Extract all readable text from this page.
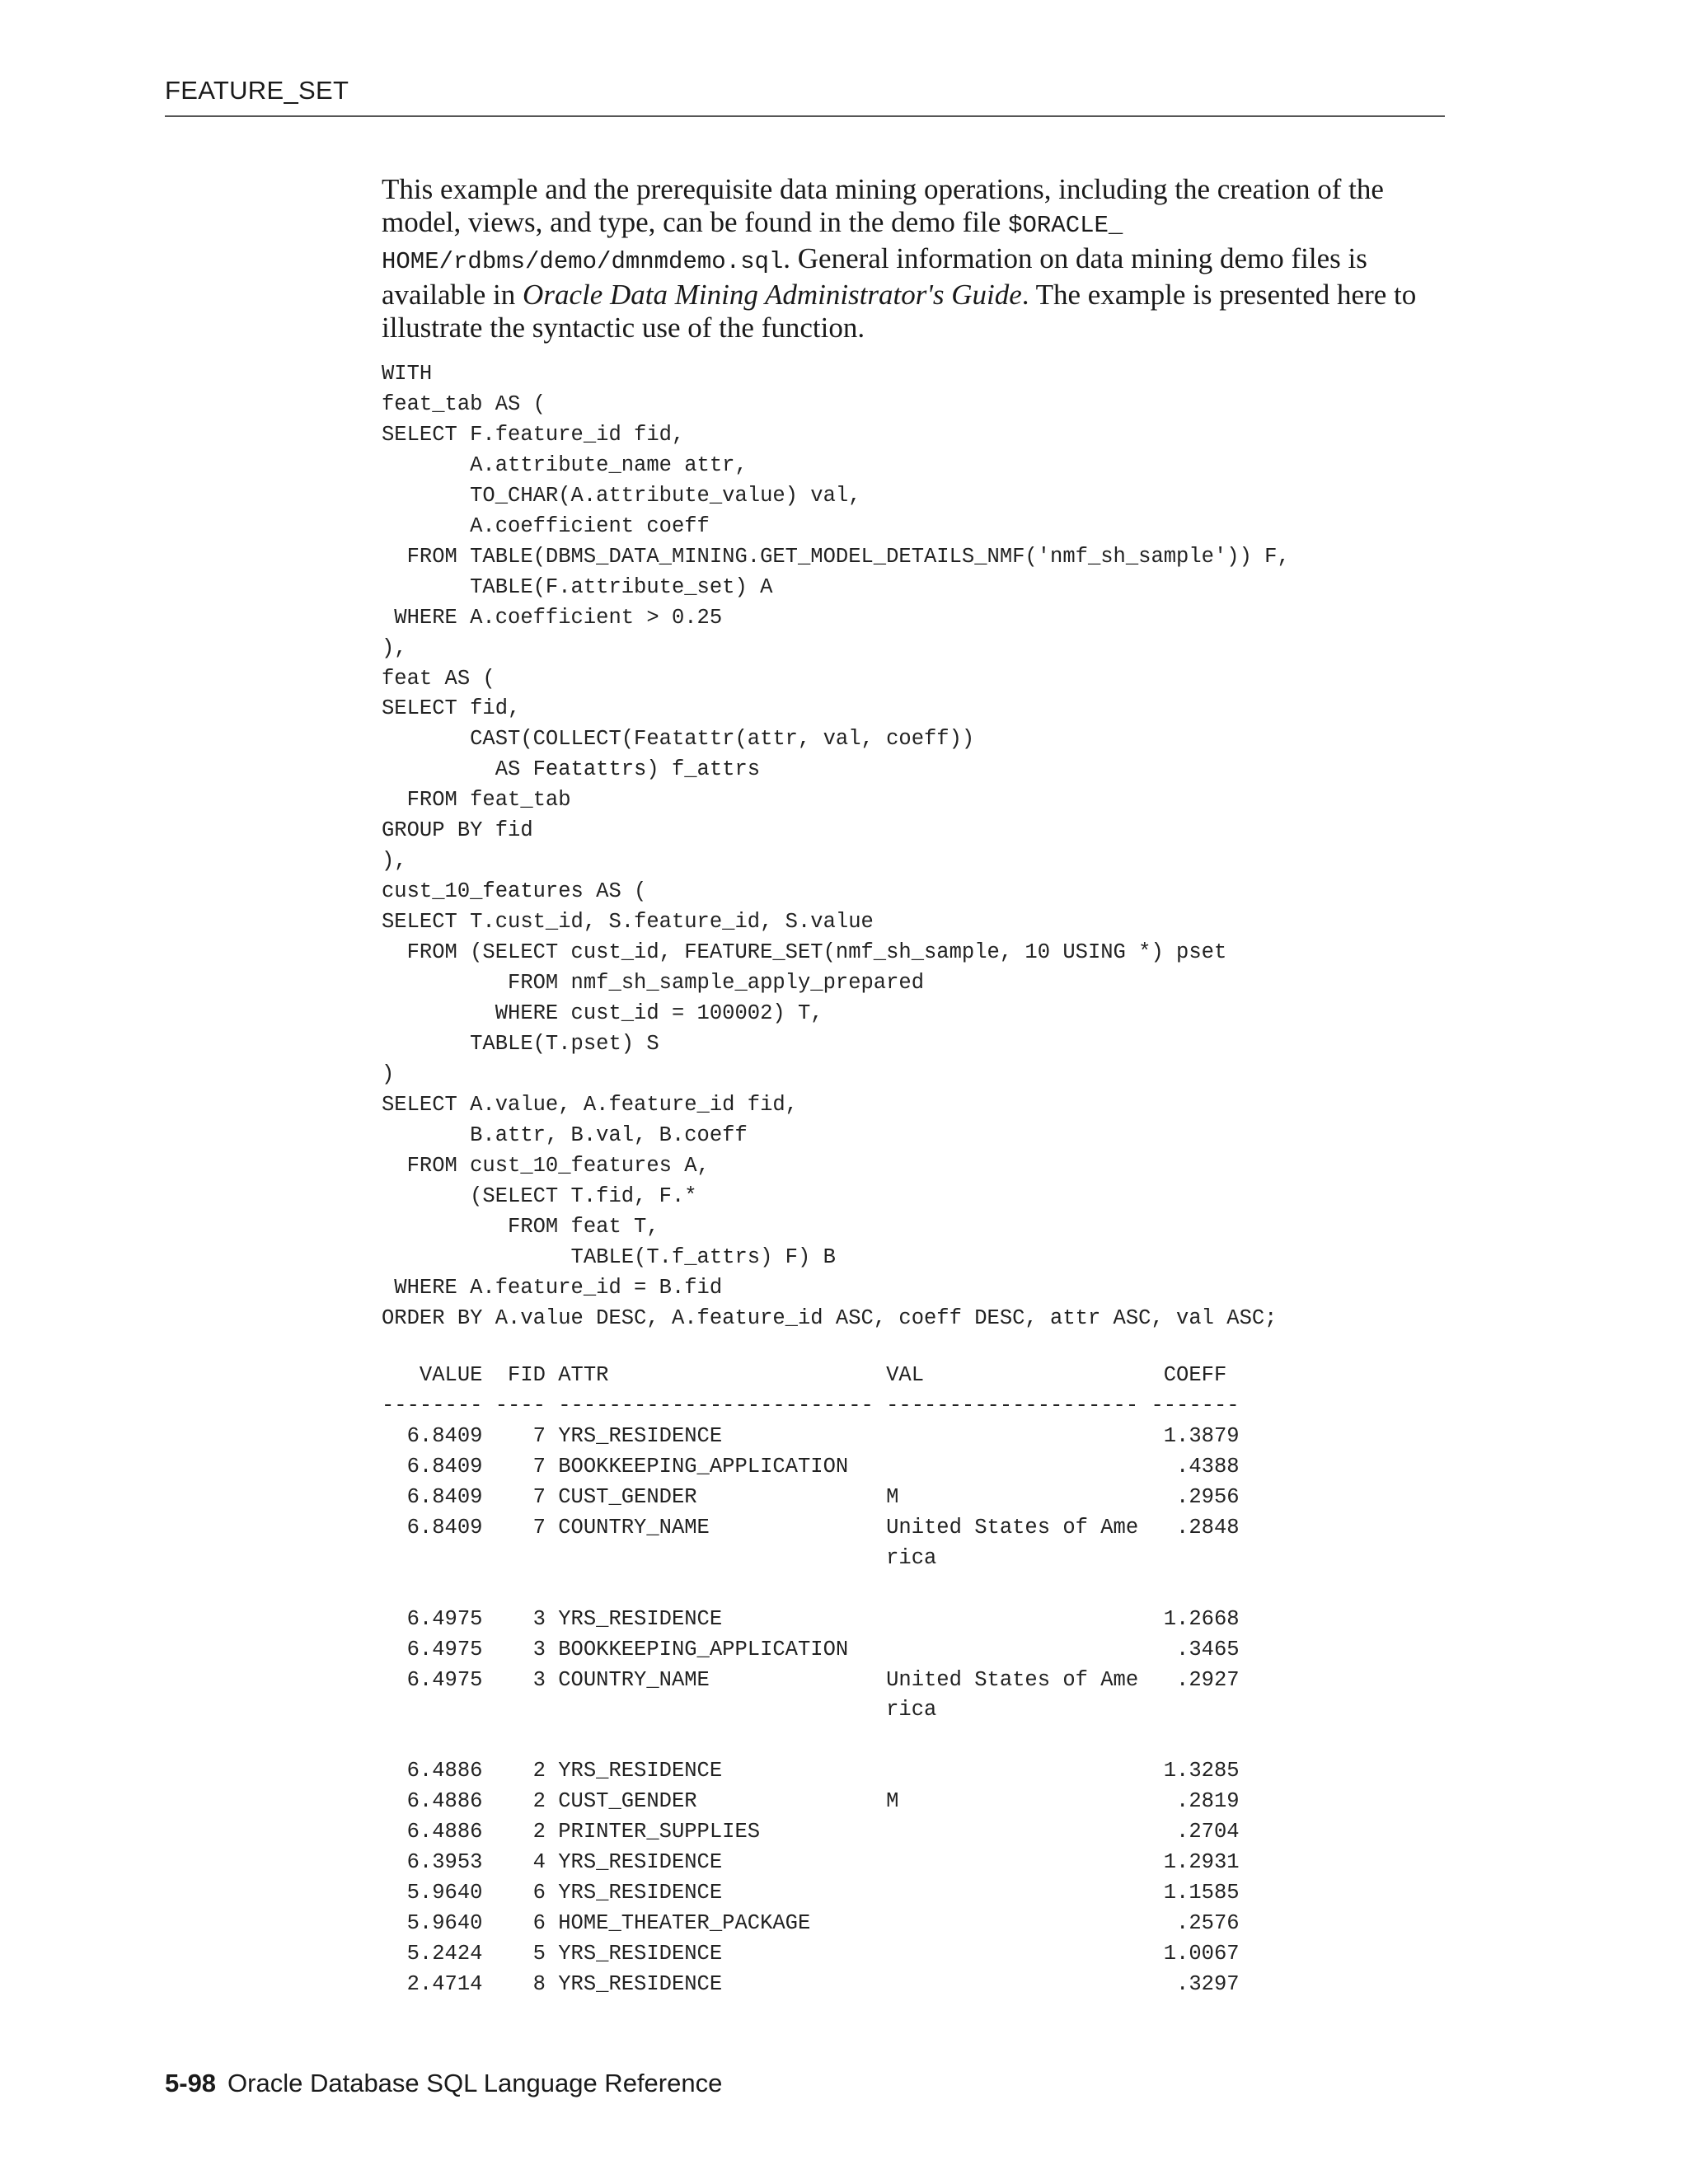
FEATURE_SET

This example and the prerequisite data mining operations, including the creation of the model, views, and type, can be found in the demo file $ORACLE_ HOME/rdbms/demo/dmnmdemo.sql. General information on data mining demo files is available in Oracle Data Mining Administrator's Guide. The example is presented here to illustrate the syntactic use of the function.

WITH
feat_tab AS (
SELECT F.feature_id fid,
A.attribute_name attr,
TO_CHAR(A.attribute_value) val,
A.coefficient coeff
FROM TABLE(DBMS_DATA_MINING.GET_MODEL_DETAILS_NMF('nmf_sh_sample')) F,
TABLE(F.attribute_set) A
WHERE A.coefficient > 0.25
),
feat AS (
SELECT fid,
CAST(COLLECT(Featattr(attr, val, coeff))
AS Featattrs) f_attrs
FROM feat_tab
GROUP BY fid
),
cust_10_features AS (
SELECT T.cust_id, S.feature_id, S.value
FROM (SELECT cust_id, FEATURE_SET(nmf_sh_sample, 10 USING *) pset
FROM nmf_sh_sample_apply_prepared
WHERE cust_id = 100002) T,
TABLE(T.pset) S
)
SELECT A.value, A.feature_id fid,
B.attr, B.val, B.coeff
FROM cust_10_features A,
(SELECT T.fid, F.*
FROM feat T,
TABLE(T.f_attrs) F) B
WHERE A.feature_id = B.fid
ORDER BY A.value DESC, A.feature_id ASC, coeff DESC, attr ASC, val ASC;
VALUE  FID ATTR                      VAL                   COEFF
-------- ---- ------------------------- -------------------- -------
6.8409    7 YRS_RESIDENCE                                   1.3879
6.8409    7 BOOKKEEPING_APPLICATION                          .4388
6.8409    7 CUST_GENDER               M                      .2956
6.8409    7 COUNTRY_NAME              United States of Ame   .2848
rica

6.4975    3 YRS_RESIDENCE                                   1.2668
6.4975    3 BOOKKEEPING_APPLICATION                          .3465
6.4975    3 COUNTRY_NAME              United States of Ame   .2927
rica

6.4886    2 YRS_RESIDENCE                                   1.3285
6.4886    2 CUST_GENDER               M                      .2819
6.4886    2 PRINTER_SUPPLIES                                 .2704
6.3953    4 YRS_RESIDENCE                                   1.2931
5.9640    6 YRS_RESIDENCE                                   1.1585
5.9640    6 HOME_THEATER_PACKAGE                             .2576
5.2424    5 YRS_RESIDENCE                                   1.0067
2.4714    8 YRS_RESIDENCE                                    .3297
5-98 Oracle Database SQL Language Reference
